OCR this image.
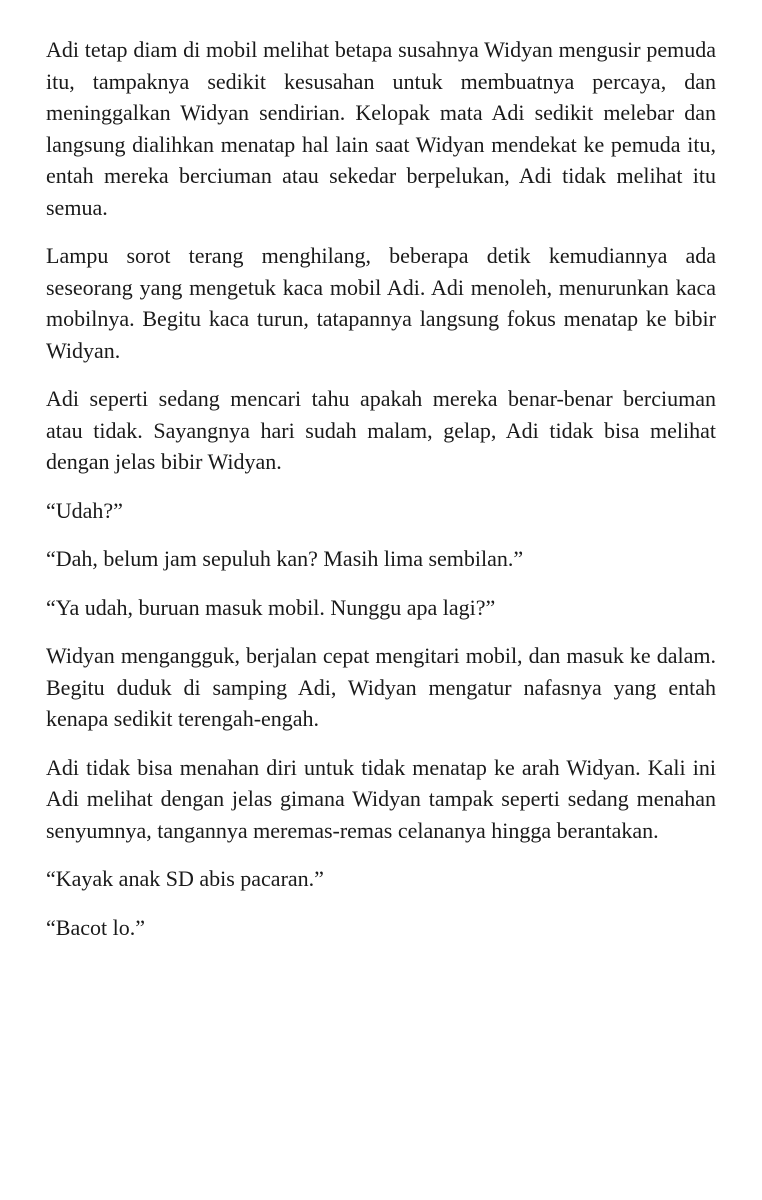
Adi tetap diam di mobil melihat betapa susahnya Widyan mengusir pemuda itu, tampaknya sedikit kesusahan untuk membuatnya percaya, dan meninggalkan Widyan sendirian. Kelopak mata Adi sedikit melebar dan langsung dialihkan menatap hal lain saat Widyan mendekat ke pemuda itu, entah mereka berciuman atau sekedar berpelukan, Adi tidak melihat itu semua.

Lampu sorot terang menghilang, beberapa detik kemudiannya ada seseorang yang mengetuk kaca mobil Adi. Adi menoleh, menurunkan kaca mobilnya. Begitu kaca turun, tatapannya langsung fokus menatap ke bibir Widyan.

Adi seperti sedang mencari tahu apakah mereka benar-benar berciuman atau tidak. Sayangnya hari sudah malam, gelap, Adi tidak bisa melihat dengan jelas bibir Widyan.

“Udah?”

“Dah, belum jam sepuluh kan? Masih lima sembilan.”

“Ya udah, buruan masuk mobil. Nunggu apa lagi?”

Widyan mengangguk, berjalan cepat mengitari mobil, dan masuk ke dalam. Begitu duduk di samping Adi, Widyan mengatur nafasnya yang entah kenapa sedikit terengah-engah.

Adi tidak bisa menahan diri untuk tidak menatap ke arah Widyan. Kali ini Adi melihat dengan jelas gimana Widyan tampak seperti sedang menahan senyumnya, tangannya meremas-remas celananya hingga berantakan.

“Kayak anak SD abis pacaran.”

“Bacot lo.”
